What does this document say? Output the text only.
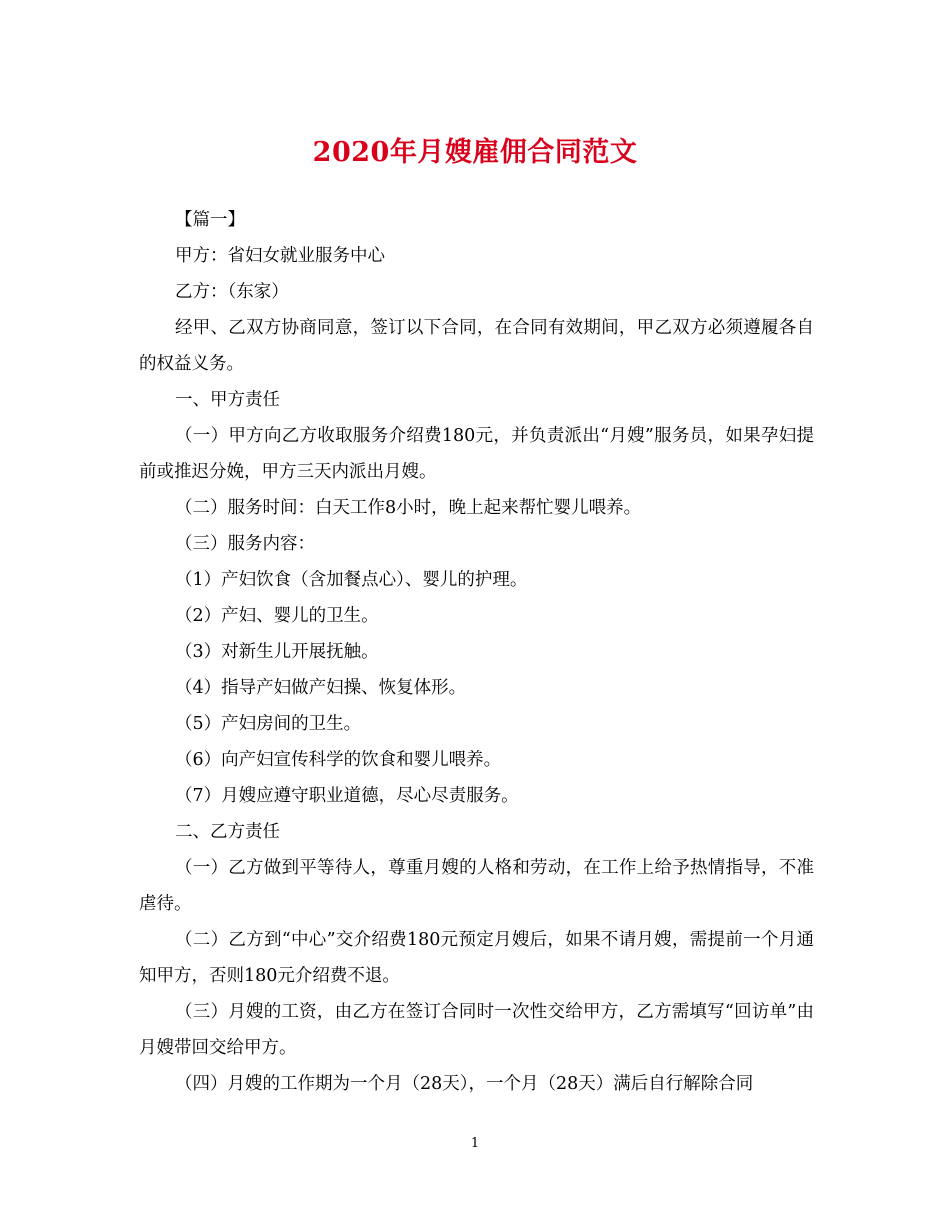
2020年月嫂雇佣合同范文

【篇一】

甲方：省妇女就业服务中心

乙方：（东家）

经甲、乙双方协商同意，签订以下合同，在合同有效期间，甲乙双方必须遵履各自的权益义务。

一、甲方责任

（一）甲方向乙方收取服务介绍费180元，并负责派出“月嫂”服务员，如果孕妇提前或推迟分娩，甲方三天内派出月嫂。

（二）服务时间：白天工作8小时，晚上起来帮忙婴儿喂养。

（三）服务内容：

（1）产妇饮食（含加餐点心）、婴儿的护理。

（2）产妇、婴儿的卫生。

（3）对新生儿开展抚触。

（4）指导产妇做产妇操、恢复体形。

（5）产妇房间的卫生。

（6）向产妇宣传科学的饮食和婴儿喂养。

（7）月嫂应遵守职业道德，尽心尽责服务。

二、乙方责任

（一）乙方做到平等待人，尊重月嫂的人格和劳动，在工作上给予热情指导，不准虐待。

（二）乙方到“中心”交介绍费180元预定月嫂后，如果不请月嫂，需提前一个月通知甲方，否则180元介绍费不退。

（三）月嫂的工资，由乙方在签订合同时一次性交给甲方，乙方需填写“回访单”由月嫂带回交给甲方。

（四）月嫂的工作期为一个月（28天），一个月（28天）满后自行解除合同

1
